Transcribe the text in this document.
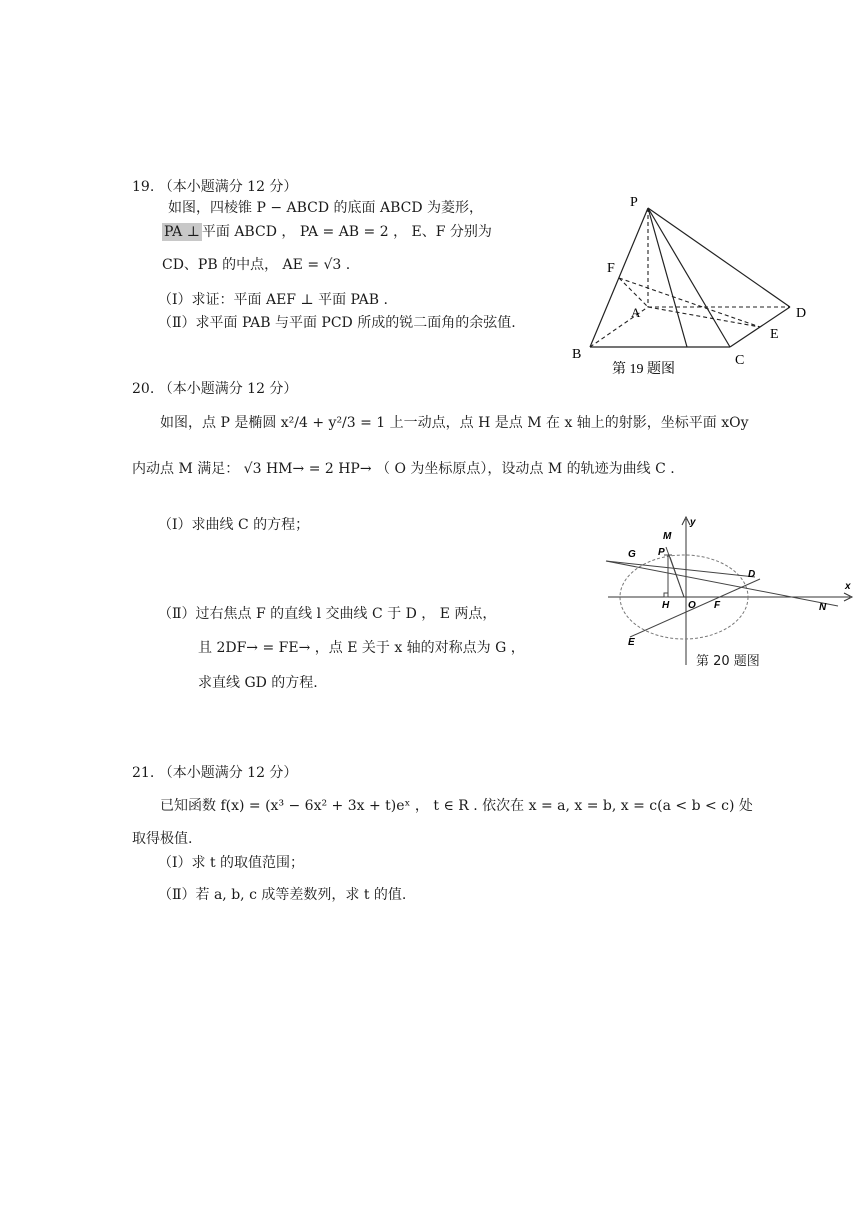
19. （本小题满分 12 分）
如图，四棱锥 P − ABCD 的底面 ABCD 为菱形，
PA ⊥ 平面 ABCD ， PA = AB = 2 ， E、F 分别为
CD、PB 的中点， AE = √3 .
（Ⅰ）求证：平面 AEF ⊥ 平面 PAB .
（Ⅱ）求平面 PAB 与平面 PCD 所成的锐二面角的余弦值.
P
F
A	D
E
B	C
第 19 题图
20. （本小题满分 12 分）
如图，点 P 是椭圆 x²/4 + y²/3 = 1 上一动点，点 H 是点 M 在 x 轴上的射影，坐标平面 xOy
内动点 M 满足： √3 HM→ = 2 HP→ （ O 为坐标原点），设动点 M 的轨迹为曲线 C .
（Ⅰ）求曲线 C 的方程；
（Ⅱ）过右焦点 F 的直线 l 交曲线 C 于 D ， E 两点，
且 2DF→ = FE→ ，点 E 关于 x 轴的对称点为 G ，
求直线 GD 的方程.
M
P
y
x
G
D
H O F	N
E
第 20 题图
21. （本小题满分 12 分）
已知函数 f(x) = (x³ − 6x² + 3x + t)eˣ ， t ∈ R . 依次在 x = a, x = b, x = c(a < b < c) 处
取得极值.
（Ⅰ）求 t 的取值范围；
（Ⅱ）若 a, b, c 成等差数列，求 t 的值.
